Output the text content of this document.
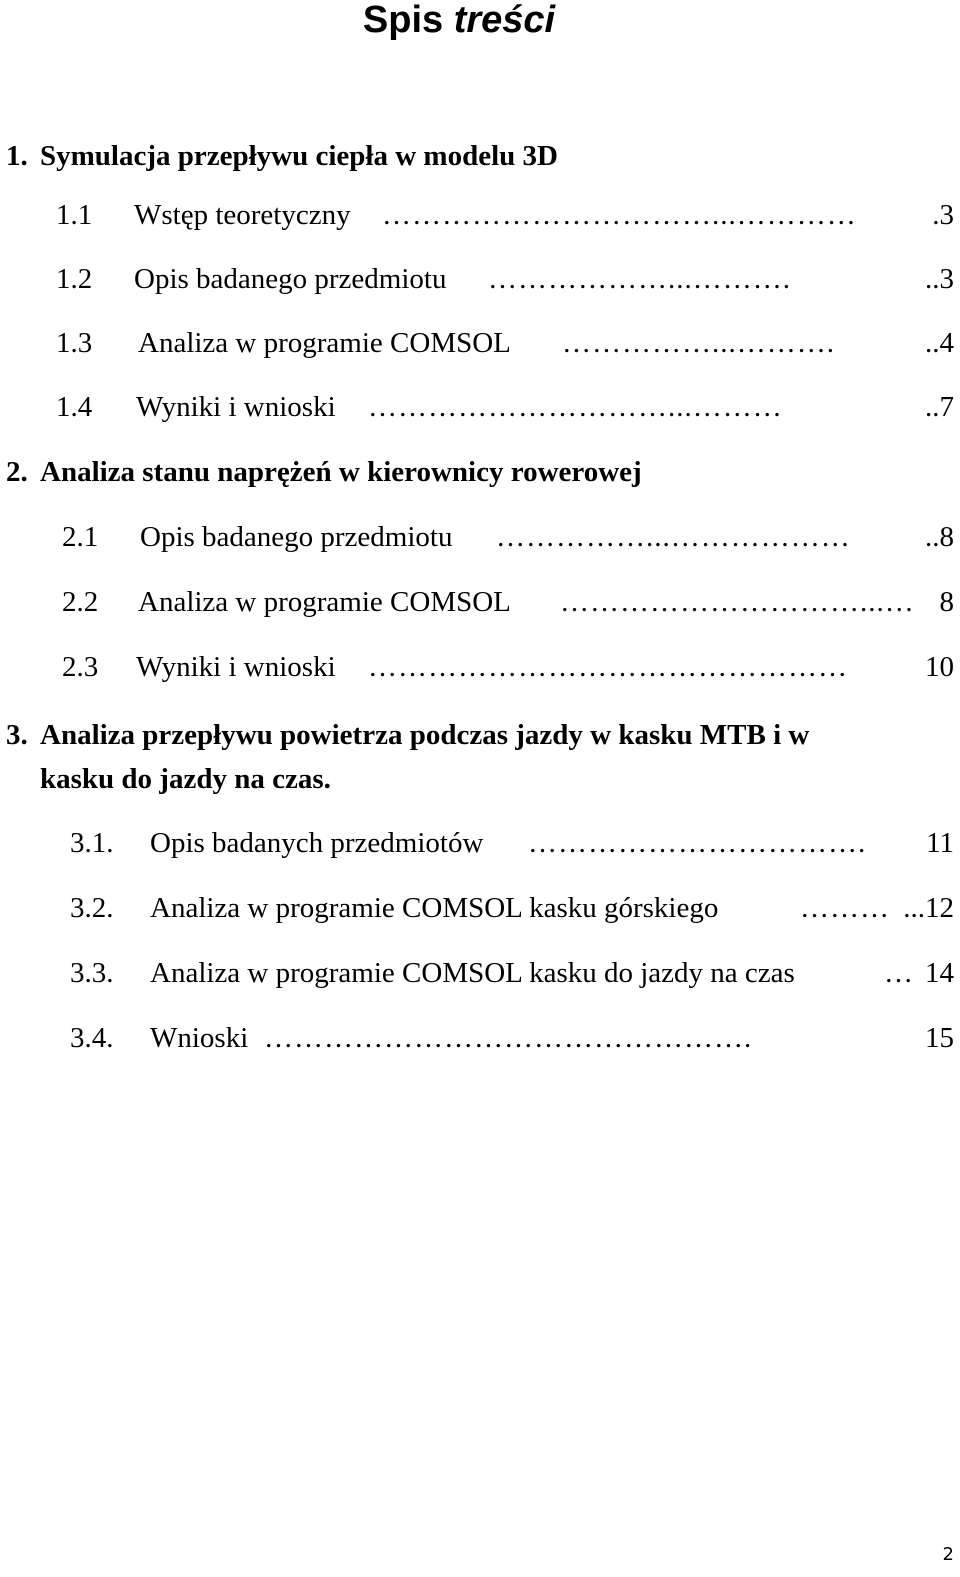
Spis treści
1. Symulacja przepływu ciepła w modelu 3D
1.1 Wstęp teoretyczny ……………………………...…………	.3
1.2 Opis badanego przedmiotu ………………...……….	..3
1.3 Analiza w programie COMSOL ……………...……….	..4
1.4 Wyniki i wnioski …………………………...………	..7
2. Analiza stanu naprężeń w kierownicy rowerowej
2.1 Opis badanego przedmiotu ……………...………………	..8
2.2 Analiza w programie COMSOL …………………………...… 8
2.3 Wyniki i wnioski …………………………………………	10
3. Analiza przepływu powietrza podczas jazdy w kasku MTB i w
kasku do jazdy na czas.
3.1. Opis badanych przedmiotów …………………………….	11
3.2. Analiza w programie COMSOL kasku górskiego	……… ...12
3.3. Analiza w programie COMSOL kasku do jazdy na czas	… 14
3.4. Wnioski ………………………………………….	15
2
